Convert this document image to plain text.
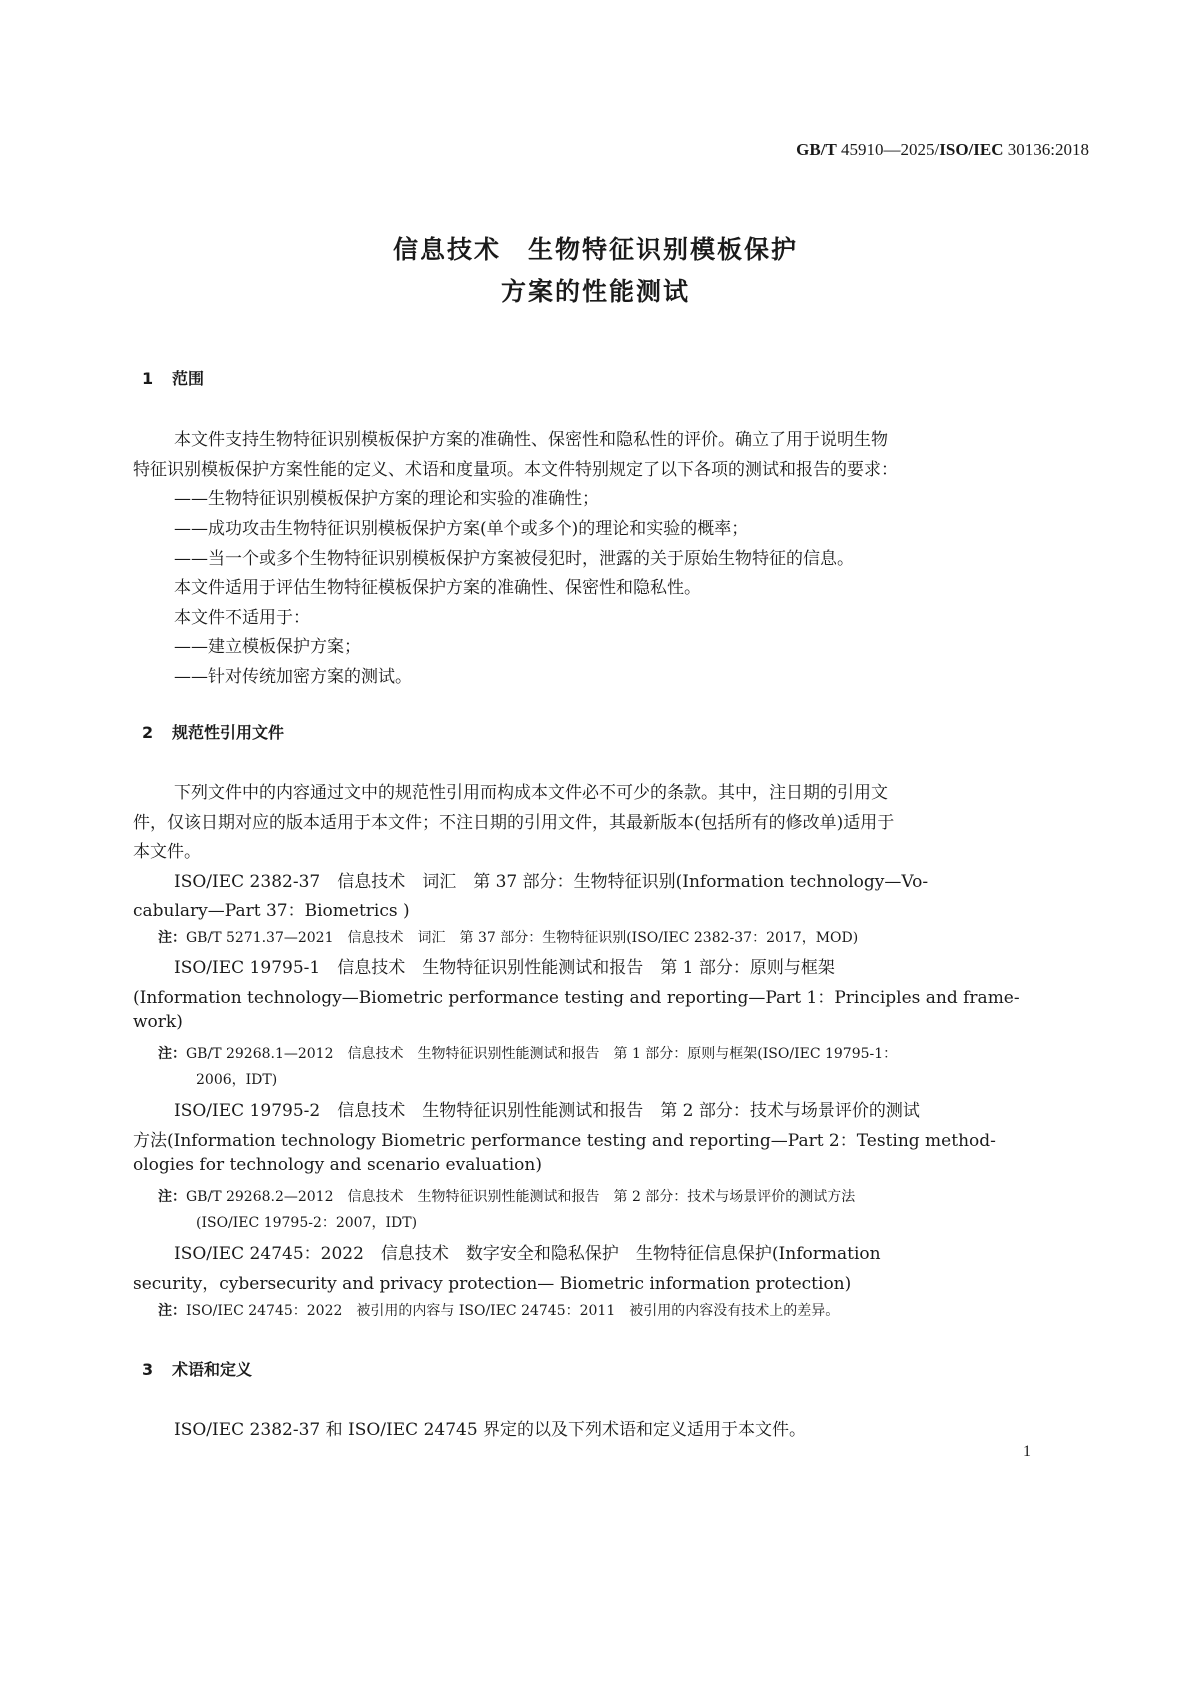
GB/T 45910—2025/ISO/IEC 30136:2018
信息技术　生物特征识别模板保护
方案的性能测试
1 范围
本文件支持生物特征识别模板保护方案的准确性、保密性和隐私性的评价。确立了用于说明生物
特征识别模板保护方案性能的定义、术语和度量项。本文件特别规定了以下各项的测试和报告的要求：
——生物特征识别模板保护方案的理论和实验的准确性；
——成功攻击生物特征识别模板保护方案(单个或多个)的理论和实验的概率；
——当一个或多个生物特征识别模板保护方案被侵犯时，泄露的关于原始生物特征的信息。
本文件适用于评估生物特征模板保护方案的准确性、保密性和隐私性。
本文件不适用于：
——建立模板保护方案；
——针对传统加密方案的测试。
2 规范性引用文件
下列文件中的内容通过文中的规范性引用而构成本文件必不可少的条款。其中，注日期的引用文
件，仅该日期对应的版本适用于本文件；不注日期的引用文件，其最新版本(包括所有的修改单)适用于
本文件。
ISO/IEC 2382-37　信息技术　词汇　第 37 部分：生物特征识别(Information technology—Vo-
cabulary—Part 37：Biometrics )
注：GB/T 5271.37—2021　信息技术　词汇　第 37 部分：生物特征识别(ISO/IEC 2382-37：2017，MOD)
ISO/IEC 19795-1　信息技术　生物特征识别性能测试和报告　第 1 部分：原则与框架
(Information technology—Biometric performance testing and reporting—Part 1：Principles and frame-
work)
注：GB/T 29268.1—2012　信息技术　生物特征识别性能测试和报告　第 1 部分：原则与框架(ISO/IEC 19795-1：
2006，IDT)
ISO/IEC 19795-2　信息技术　生物特征识别性能测试和报告　第 2 部分：技术与场景评价的测试
方法(Information technology Biometric performance testing and reporting—Part 2：Testing method-
ologies for technology and scenario evaluation)
注：GB/T 29268.2—2012　信息技术　生物特征识别性能测试和报告　第 2 部分：技术与场景评价的测试方法
(ISO/IEC 19795-2：2007，IDT)
ISO/IEC 24745：2022　信息技术　数字安全和隐私保护　生物特征信息保护(Information
security，cybersecurity and privacy protection— Biometric information protection)
注：ISO/IEC 24745：2022　被引用的内容与 ISO/IEC 24745：2011　被引用的内容没有技术上的差异。
3 术语和定义
ISO/IEC 2382-37 和 ISO/IEC 24745 界定的以及下列术语和定义适用于本文件。
1
